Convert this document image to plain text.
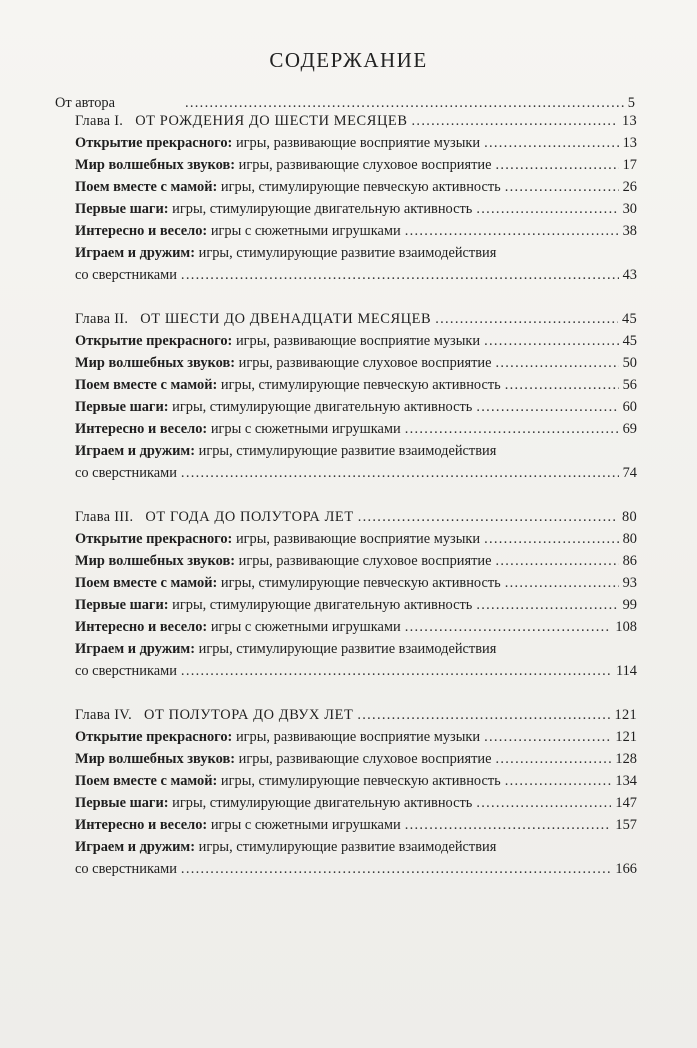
СОДЕРЖАНИЕ
От автора .....	5
Глава I. ОТ РОЖДЕНИЯ ДО ШЕСТИ МЕСЯЦЕВ .....	13
Открытие прекрасного: игры, развивающие восприятие музыки .....	13
Мир волшебных звуков: игры, развивающие слуховое восприятие .....	17
Поем вместе с мамой: игры, стимулирующие певческую активность .....	26
Первые шаги: игры, стимулирующие двигательную активность .....	30
Интересно и весело: игры с сюжетными игрушками .....	38
Играем и дружим: игры, стимулирующие развитие взаимодействия
со сверстниками .....	43
Глава II. ОТ ШЕСТИ ДО ДВЕНАДЦАТИ МЕСЯЦЕВ .....	45
Открытие прекрасного: игры, развивающие восприятие музыки .....	45
Мир волшебных звуков: игры, развивающие слуховое восприятие .....	50
Поем вместе с мамой: игры, стимулирующие певческую активность .....	56
Первые шаги: игры, стимулирующие двигательную активность .....	60
Интересно и весело: игры с сюжетными игрушками .....	69
Играем и дружим: игры, стимулирующие развитие взаимодействия
со сверстниками .....	74
Глава III. ОТ ГОДА ДО ПОЛУТОРА ЛЕТ .....	80
Открытие прекрасного: игры, развивающие восприятие музыки .....	80
Мир волшебных звуков: игры, развивающие слуховое восприятие .....	86
Поем вместе с мамой: игры, стимулирующие певческую активность .....	93
Первые шаги: игры, стимулирующие двигательную активность .....	99
Интересно и весело: игры с сюжетными игрушками .....	108
Играем и дружим: игры, стимулирующие развитие взаимодействия
со сверстниками .....	114
Глава IV. ОТ ПОЛУТОРА ДО ДВУХ ЛЕТ .....	121
Открытие прекрасного: игры, развивающие восприятие музыки .....	121
Мир волшебных звуков: игры, развивающие слуховое восприятие .....	128
Поем вместе с мамой: игры, стимулирующие певческую активность .....	134
Первые шаги: игры, стимулирующие двигательную активность .....	147
Интересно и весело: игры с сюжетными игрушками .....	157
Играем и дружим: игры, стимулирующие развитие взаимодействия
со сверстниками .....	166
